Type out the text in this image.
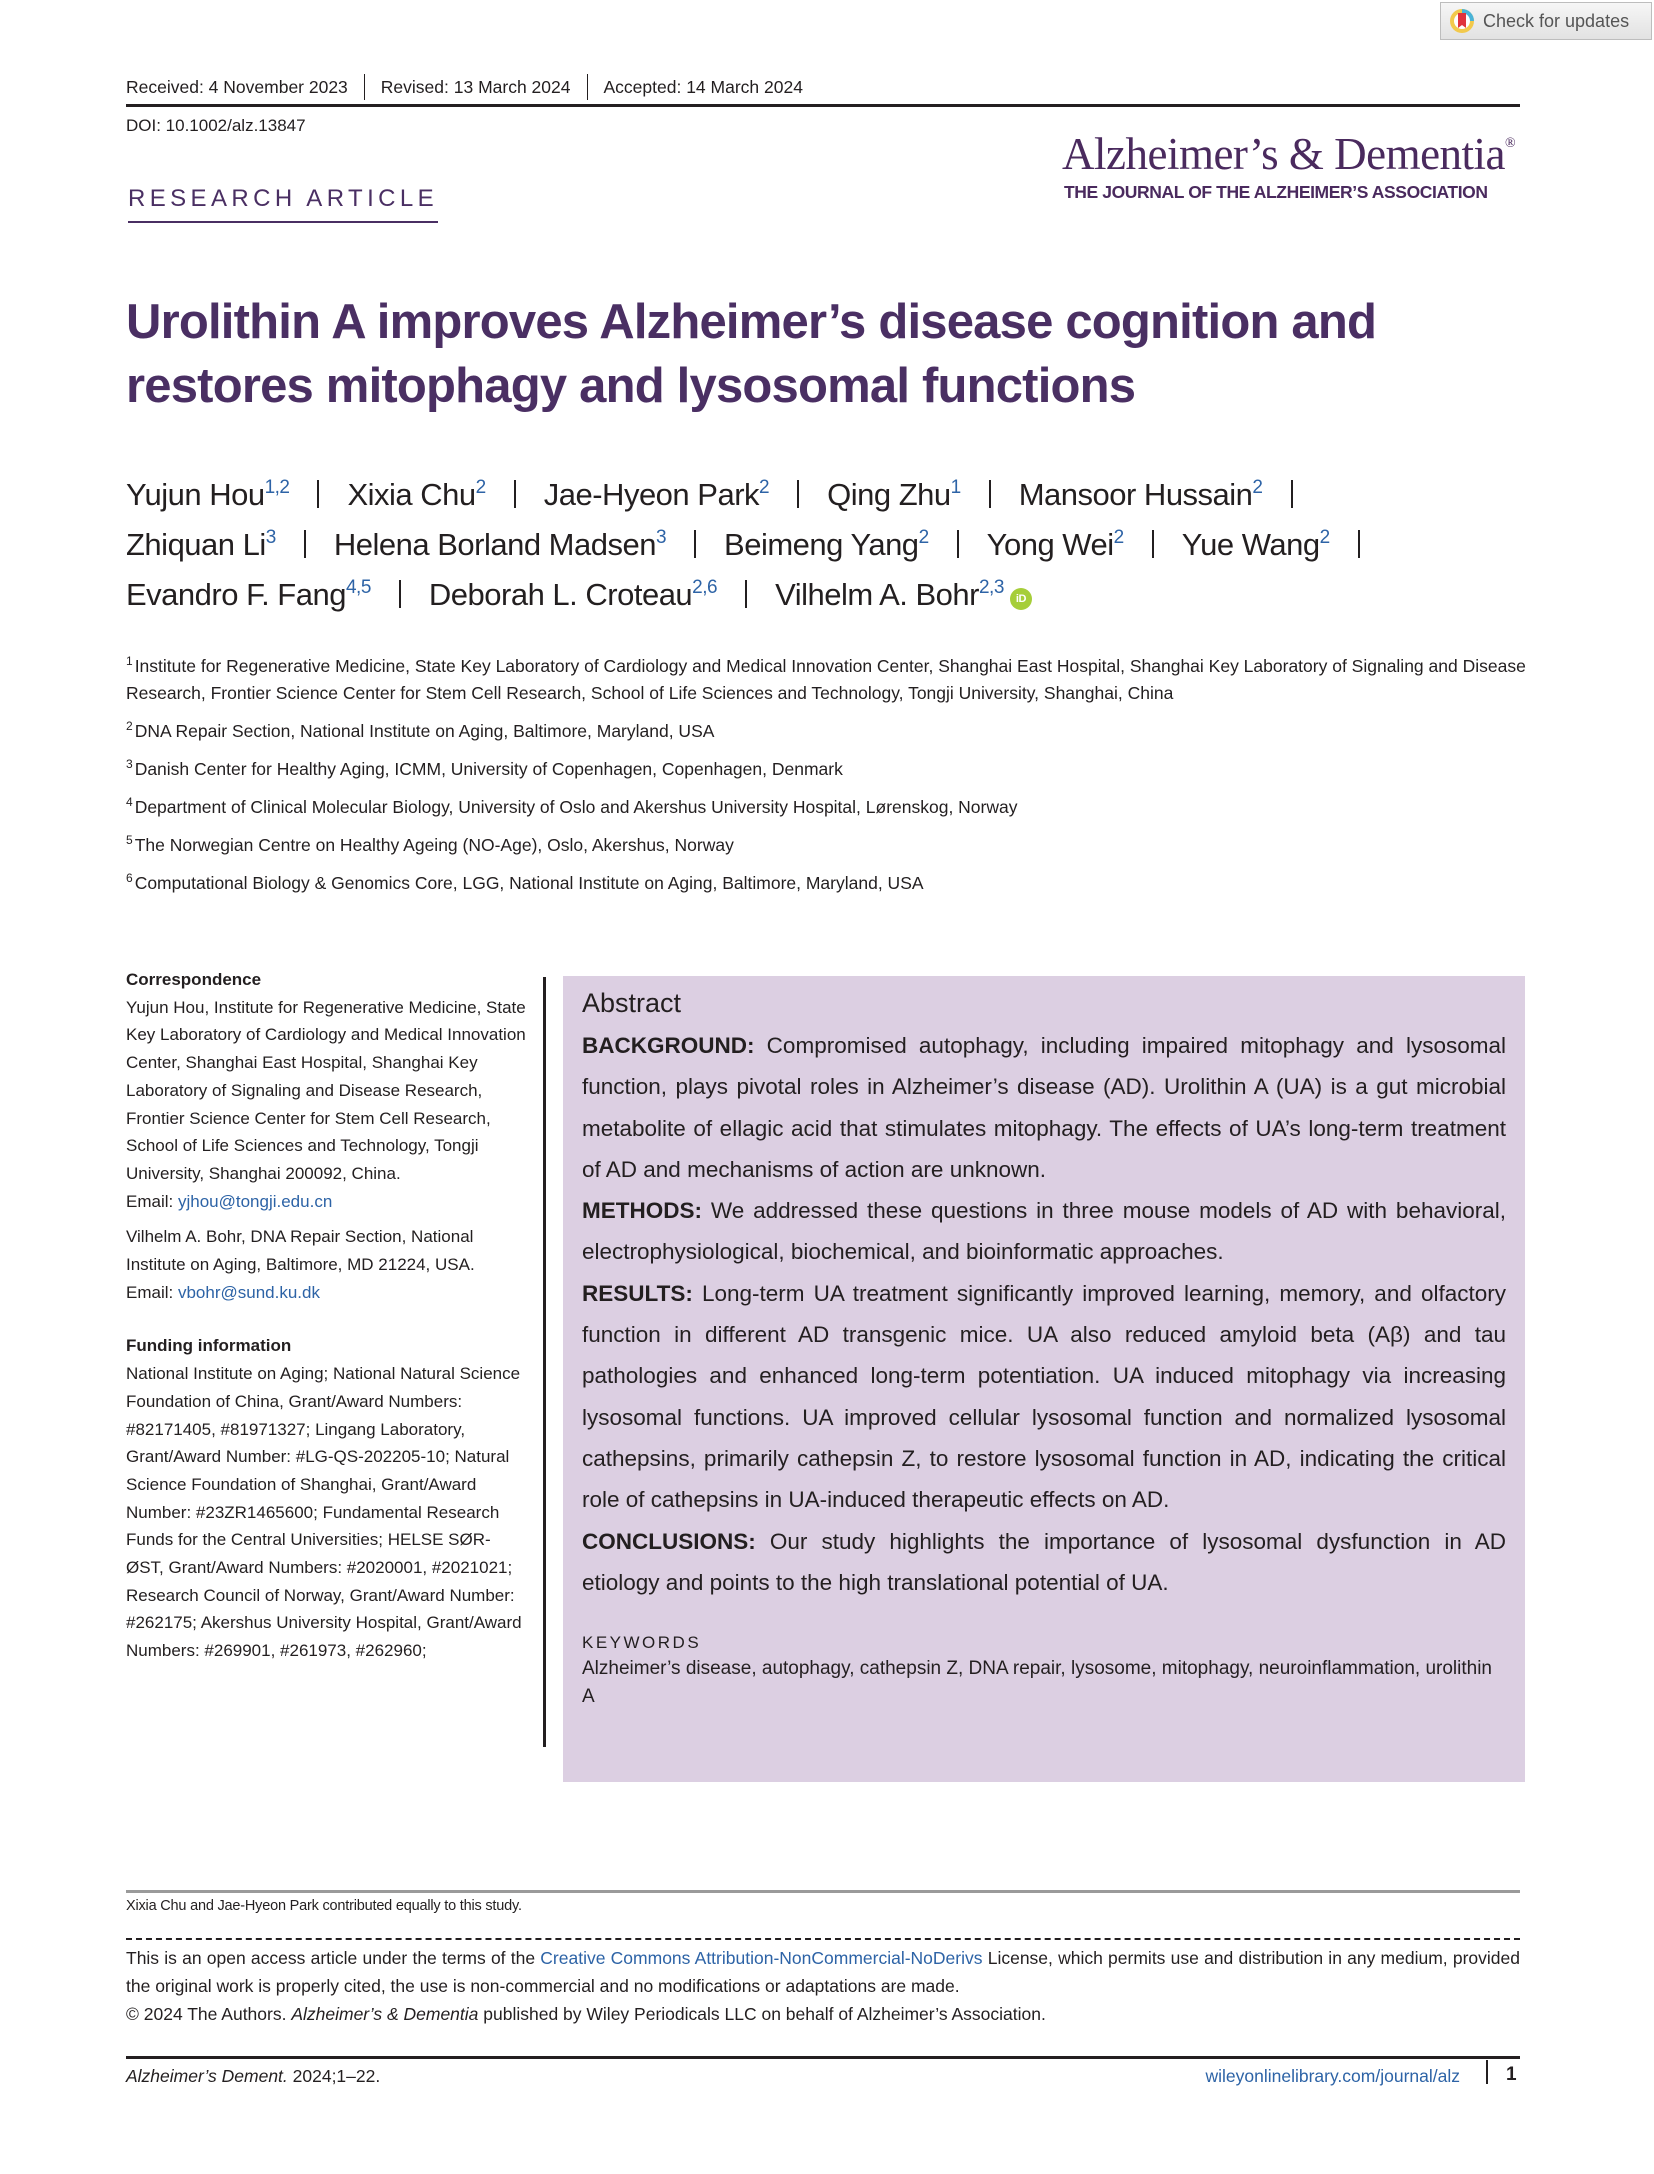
Check for updates
Received: 4 November 2023	Revised: 13 March 2024	Accepted: 14 March 2024
DOI: 10.1002/alz.13847
RESEARCH ARTICLE
Alzheimer’s & Dementia®
THE JOURNAL OF THE ALZHEIMER’S ASSOCIATION
Urolithin A improves Alzheimer’s disease cognition and restores mitophagy and lysosomal functions
Yujun Hou$^{1,2}$ Xixia Chu$^2$ Jae-Hyeon Park$^2$ Qing Zhu$^1$ Mansoor Hussain$^2$
Zhiquan Li$^3$ Helena Borland Madsen$^3$ Beimeng Yang$^2$ Yong Wei$^2$ Yue Wang$^2$
Evandro F. Fang$^{4,5}$ Deborah L. Croteau$^{2,6}$ Vilhelm A. Bohr$^{2,3}$iD
$^1$ Institute for Regenerative Medicine, State Key Laboratory of Cardiology and Medical Innovation Center, Shanghai East Hospital, Shanghai Key Laboratory of Signaling and Disease Research, Frontier Science Center for Stem Cell Research, School of Life Sciences and Technology, Tongji University, Shanghai, China
$^2$ DNA Repair Section, National Institute on Aging, Baltimore, Maryland, USA
$^3$ Danish Center for Healthy Aging, ICMM, University of Copenhagen, Copenhagen, Denmark
$^4$ Department of Clinical Molecular Biology, University of Oslo and Akershus University Hospital, Lørenskog, Norway
$^5$ The Norwegian Centre on Healthy Ageing (NO-Age), Oslo, Akershus, Norway
$^6$ Computational Biology & Genomics Core, LGG, National Institute on Aging, Baltimore, Maryland, USA
Correspondence
Yujun Hou, Institute for Regenerative Medicine, State Key Laboratory of Cardiology and Medical Innovation Center, Shanghai East Hospital, Shanghai Key Laboratory of Signaling and Disease Research, Frontier Science Center for Stem Cell Research, School of Life Sciences and Technology, Tongji University, Shanghai 200092, China.
Email: yjhou@tongji.edu.cn
Vilhelm A. Bohr, DNA Repair Section, National Institute on Aging, Baltimore, MD 21224, USA.
Email: vbohr@sund.ku.dk
Funding information
National Institute on Aging; National Natural Science Foundation of China, Grant/Award Numbers: #82171405, #81971327; Lingang Laboratory, Grant/Award Number: #LG-QS-202205-10; Natural Science Foundation of Shanghai, Grant/Award Number: #23ZR1465600; Fundamental Research Funds for the Central Universities; HELSE SØR-ØST, Grant/Award Numbers: #2020001, #2021021; Research Council of Norway, Grant/Award Number: #262175; Akershus University Hospital, Grant/Award Numbers: #269901, #261973, #262960;
Abstract
BACKGROUND: Compromised autophagy, including impaired mitophagy and lysosomal function, plays pivotal roles in Alzheimer’s disease (AD). Urolithin A (UA) is a gut microbial metabolite of ellagic acid that stimulates mitophagy. The effects of UA’s long-term treatment of AD and mechanisms of action are unknown.
METHODS: We addressed these questions in three mouse models of AD with behavioral, electrophysiological, biochemical, and bioinformatic approaches.
RESULTS: Long-term UA treatment significantly improved learning, memory, and olfactory function in different AD transgenic mice. UA also reduced amyloid beta (Aβ) and tau pathologies and enhanced long-term potentiation. UA induced mitophagy via increasing lysosomal functions. UA improved cellular lysosomal function and normalized lysosomal cathepsins, primarily cathepsin Z, to restore lysosomal function in AD, indicating the critical role of cathepsins in UA-induced therapeutic effects on AD.
CONCLUSIONS: Our study highlights the importance of lysosomal dysfunction in AD etiology and points to the high translational potential of UA.
KEYWORDS
Alzheimer’s disease, autophagy, cathepsin Z, DNA repair, lysosome, mitophagy, neuroinflammation, urolithin A
Xixia Chu and Jae-Hyeon Park contributed equally to this study.
This is an open access article under the terms of the Creative Commons Attribution-NonCommercial-NoDerivs License, which permits use and distribution in any medium, provided the original work is properly cited, the use is non-commercial and no modifications or adaptations are made.
© 2024 The Authors. Alzheimer’s & Dementia published by Wiley Periodicals LLC on behalf of Alzheimer’s Association.
Alzheimer’s Dement. 2024;1–22.	wileyonlinelibrary.com/journal/alz 1
